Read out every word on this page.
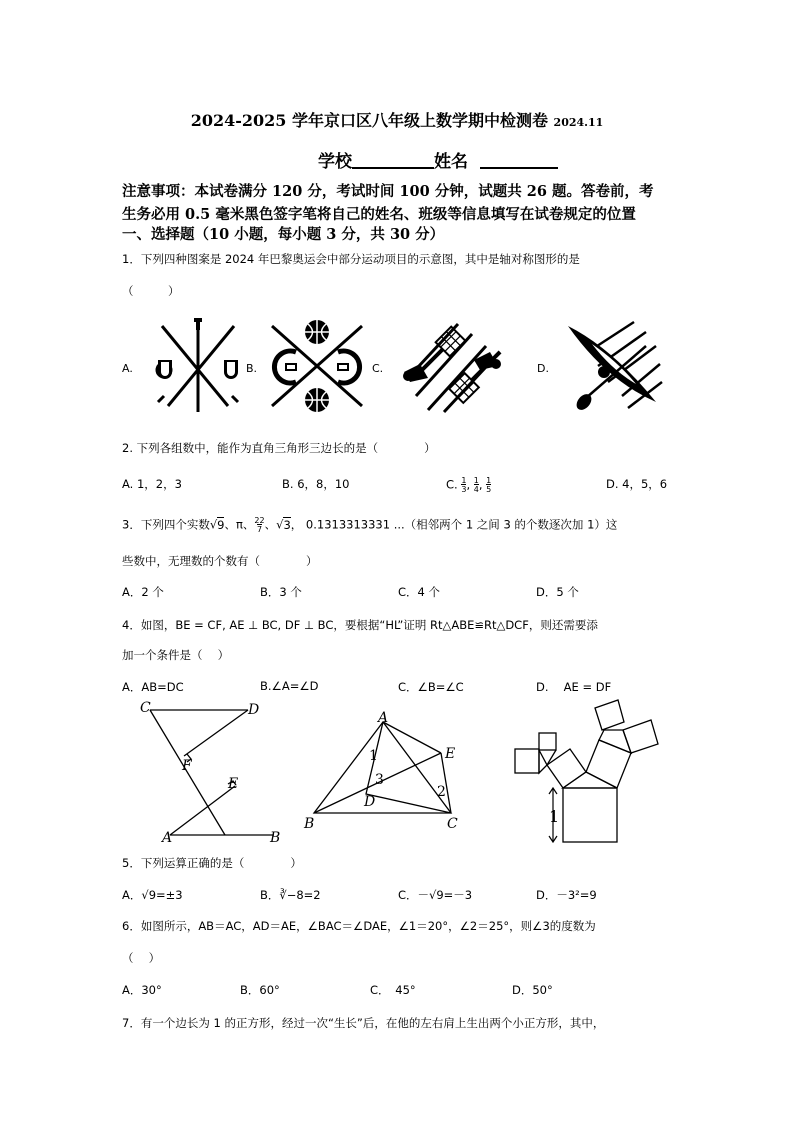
2024-2025 学年京口区八年级上数学期中检测卷 2024.11
学校	姓名
注意事项：本试卷满分 120 分，考试时间 100 分钟，试题共 26 题。答卷前，考
生务必用 0.5 毫米黑色签字笔将自己的姓名、班级等信息填写在试卷规定的位置
一、选择题（10 小题，每小题 3 分，共 30 分）
1．下列四种图案是 2024 年巴黎奥运会中部分运动项目的示意图，其中是轴对称图形的是
（　　　）
A.	B.	C.	D.
2. 下列各组数中，能作为直角三角形三边长的是（　　　　）
A. 1，2，3	B. 6，8，10	C. $\frac{1}{3}$, $\frac{1}{4}$, $\frac{1}{5}$	D. 4，5，6
3．下列四个实数√9、π、$\frac{22}{7}$、√3， 0.1313313331 ...（相邻两个 1 之间 3 的个数逐次加 1）这
些数中，无理数的个数有（　　　　）
A．2 个	B．3 个	C．4 个	D．5 个
4．如图，BE = CF, AE ⊥ BC, DF ⊥ BC，要根据“HL”证明 Rt△ABE≌Rt△DCF，则还需要添
加一个条件是（　 ）
A．AB=DC	B.∠A=∠D	C．∠B=∠C	D.　 AE = DF
C	D
F
E
A	B
A
E
B	C
D
1
3
2
1
5．下列运算正确的是（　　　　）
A．√9=±3	B．∛−8=2	C．－√9=－3	D．－3²=9
6．如图所示，AB＝AC，AD＝AE，∠BAC＝∠DAE，∠1＝20°，∠2＝25°，则∠3的度数为
（　 ）
A．30°	B．60°	C．　45°	D．50°
7．有一个边长为 1 的正方形，经过一次“生长”后，在他的左右肩上生出两个小正方形，其中，
